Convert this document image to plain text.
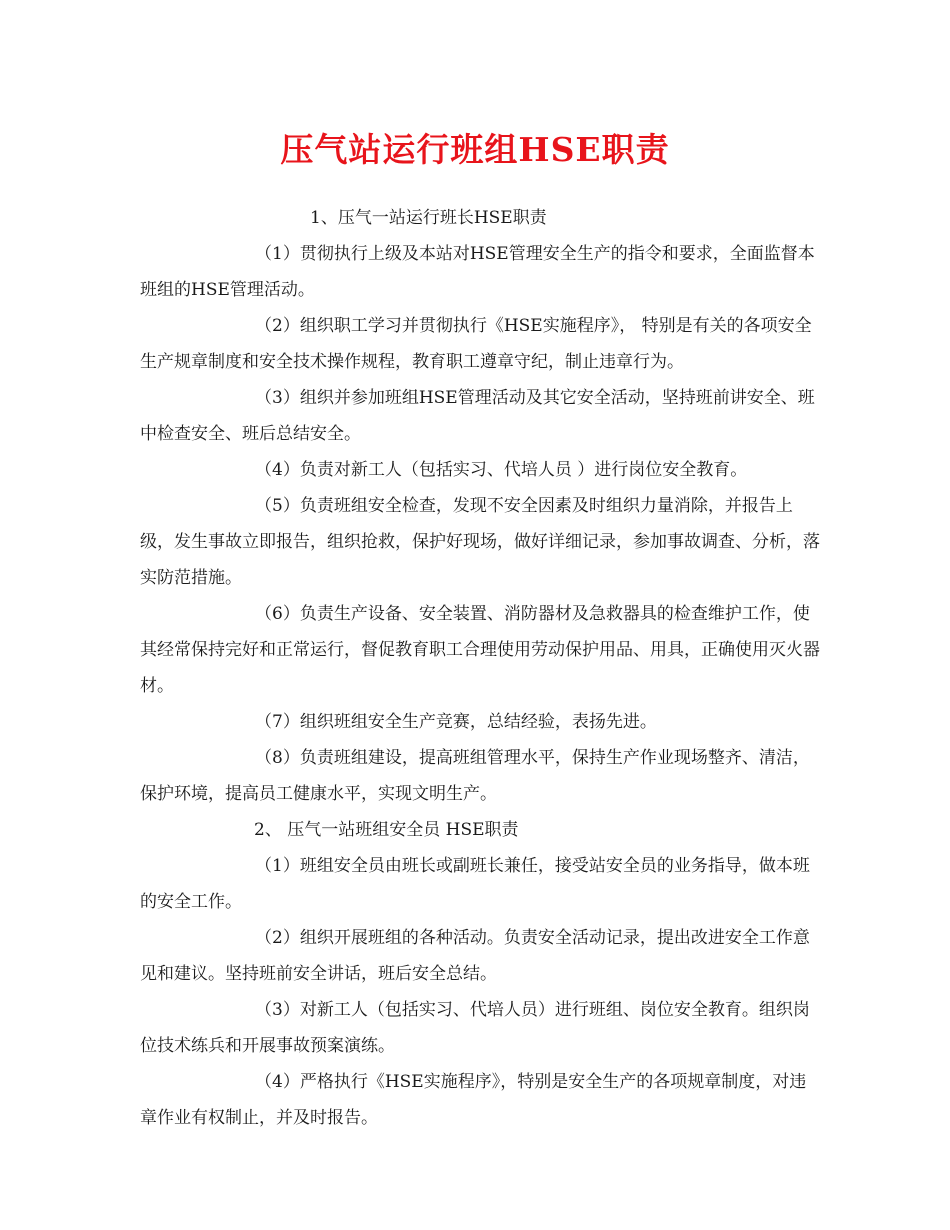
压气站运行班组HSE职责
1、压气一站运行班长HSE职责

（1）贯彻执行上级及本站对HSE管理安全生产的指令和要求，全面监督本班组的HSE管理活动。

（2）组织职工学习并贯彻执行《HSE实施程序》， 特别是有关的各项安全生产规章制度和安全技术操作规程，教育职工遵章守纪，制止违章行为。

（3）组织并参加班组HSE管理活动及其它安全活动，坚持班前讲安全、班中检查安全、班后总结安全。

（4）负责对新工人（包括实习、代培人员 ）进行岗位安全教育。

（5）负责班组安全检查，发现不安全因素及时组织力量消除，并报告上级，发生事故立即报告，组织抢救，保护好现场，做好详细记录，参加事故调查、分析，落实防范措施。

（6）负责生产设备、安全装置、消防器材及急救器具的检查维护工作，使其经常保持完好和正常运行，督促教育职工合理使用劳动保护用品、用具，正确使用灭火器材。

（7）组织班组安全生产竞赛，总结经验，表扬先进。

（8）负责班组建设，提高班组管理水平，保持生产作业现场整齐、清洁，保护环境，提高员工健康水平，实现文明生产。

2、 压气一站班组安全员 HSE职责

（1）班组安全员由班长或副班长兼任，接受站安全员的业务指导，做本班的安全工作。

（2）组织开展班组的各种活动。负责安全活动记录，提出改进安全工作意见和建议。坚持班前安全讲话，班后安全总结。

（3）对新工人（包括实习、代培人员）进行班组、岗位安全教育。组织岗位技术练兵和开展事故预案演练。

（4）严格执行《HSE实施程序》，特别是安全生产的各项规章制度，对违章作业有权制止，并及时报告。
